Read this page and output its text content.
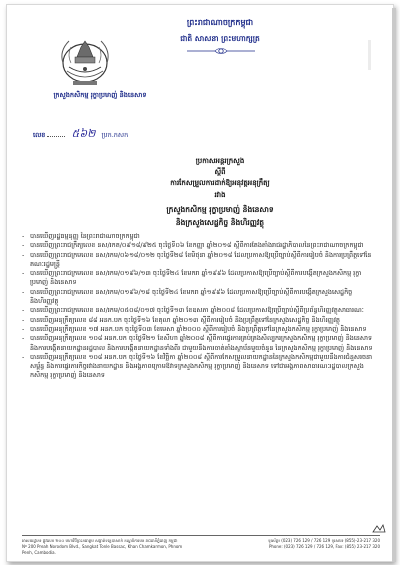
ព្រះរាជាណាចក្រកម្ពុជា
ជាតិ សាសនា ព្រះមហាក្សត្រ
ក្រសួងកសិកម្ម រុក្ខាប្រមាញ់ និងនេសាទ
លេខ ៥៦២ ប្រក.កសក
ប្រកាសអន្តរក្រសួង
ស្តីពី
ការកែសម្រួលការដាក់ឱ្យអនុវត្តអនុក្រឹត្យ
រវាង
ក្រសួងកសិកម្ម រុក្ខាប្រមាញ់ និងនេសាទ
និងក្រសួងសេដ្ឋកិច្ច និងហិរញ្ញវត្ថុ
- បានឃើញរដ្ឋធម្មនុញ្ញ នៃព្រះរាជាណាចក្រកម្ពុជា
- បានឃើញព្រះរាជក្រឹត្យលេខ នស/រកត/០៩១៨/៩២៥ ចុះថ្ងៃទី០៦ ខែកញ្ញា ឆ្នាំ២០១៨ ស្តីពីការតែងតាំងរាជរដ្ឋាភិបាលនៃព្រះរាជាណាចក្រកម្ពុជា
- បានឃើញព្រះរាជក្រមលេខ នស/រកម/០៦១៨/០១២ ចុះថ្ងៃទី២៨ ខែមិថុនា ឆ្នាំ២០១៨ ដែលប្រកាសឱ្យប្រើច្បាប់ស្តីពីការរៀបចំ និងការប្រព្រឹត្តទៅនៃគណៈរដ្ឋមន្ត្រី
- បានឃើញព្រះរាជក្រមលេខ នស/រកម/០១៩៦/១៣ ចុះថ្ងៃទី២៤ ខែមករា ឆ្នាំ១៩៩៦ ដែលប្រកាសឱ្យប្រើច្បាប់ស្តីពីការបង្កើតក្រសួងកសិកម្ម រុក្ខាប្រមាញ់ និងនេសាទ
- បានឃើញព្រះរាជក្រមលេខ នស/រកម/០១៩៦/១៨ ចុះថ្ងៃទី២៤ ខែមករា ឆ្នាំ១៩៩៦ ដែលប្រកាសឱ្យប្រើច្បាប់ស្តីពីការបង្កើតក្រសួងសេដ្ឋកិច្ច និងហិរញ្ញវត្ថុ
- បានឃើញព្រះរាជក្រមលេខ នស/រកម/០៥០៨/០១៧ ចុះថ្ងៃទី១៣ ខែឧសភា ឆ្នាំ២០០៨ ដែលប្រកាសឱ្យប្រើច្បាប់ស្តីពីប្រព័ន្ធហិរញ្ញវត្ថុសាធារណៈ
- បានឃើញអនុក្រឹត្យលេខ ៨៨ អនក.បក ចុះថ្ងៃទី១៦ ខែតុលា ឆ្នាំ២០១៣ ស្តីពីការរៀបចំ និងប្រព្រឹត្តទៅនៃក្រសួងសេដ្ឋកិច្ច និងហិរញ្ញវត្ថុ
- បានឃើញអនុក្រឹត្យលេខ ១៧ អនក.បក ចុះថ្ងៃទី០៣ ខែមេសា ឆ្នាំ២០០០ ស្តីពីការរៀបចំ និងប្រព្រឹត្តទៅនៃក្រសួងកសិកម្ម រុក្ខាប្រមាញ់ និងនេសាទ
- បានឃើញអនុក្រឹត្យលេខ ១០៨ អនក.បក ចុះថ្ងៃទី២១ ខែសីហា ឆ្នាំ២០០៨ ស្តីពីការផ្ទេរការគ្រប់គ្រងសិល្បករក្រសួងកសិកម្ម រុក្ខាប្រមាញ់ និងនេសាទ និងការបង្កើតនាយកដ្ឋានរដ្ឋបាល និងការបង្កើតនាយកដ្ឋានទាំងពីរ ជាមួយនឹងការចាត់តាំងស្ថាប័នមួយចំនួន នៃក្រសួងកសិកម្ម រុក្ខាប្រមាញ់ និងនេសាទ
- បានឃើញអនុក្រឹត្យលេខ ១០៨ អនក.បក ចុះថ្ងៃទី១៦ ខែវិច្ឆិកា ឆ្នាំ២០០៨ ស្តីពីការកែសម្រួលនាយកដ្ឋាននៃក្រសួងកសិកម្មជាមួយនឹងការជំនួសរចនាសម្ព័ន្ធ និងការផ្ទេរភារកិច្ចរវាងនាយកដ្ឋាន និងអង្គភាពក្រោមឱវាទក្រសួងកសិកម្ម រុក្ខាប្រមាញ់ និងនេសាទ ទៅជាអង្គភាពសាធារណៈរដ្ឋបាលក្រសួងកសិកម្ម រុក្ខាប្រមាញ់ និងនេសាទ
អាសយដ្ឋាន៖ ផ្លូវលេខ ២០០ មហាវិថីព្រះនរោត្តម សង្កាត់ទន្លេបាសាក់ ខណ្ឌចំការមន រាជធានីភ្នំពេញ កម្ពុជា
Nº 200 Preah Norodom Blvd., Sangkat Tonle Bassac, Khan Chamkarmon, Phnom Penh, Cambodia.
ទូរស័ព្ទ៖ (023) 726 129 / 726 129 ទូរសារ៖ (855)-23-217 320
Phone: (023) 726 129 / 726 129, Fax: (855) 23-217 320
